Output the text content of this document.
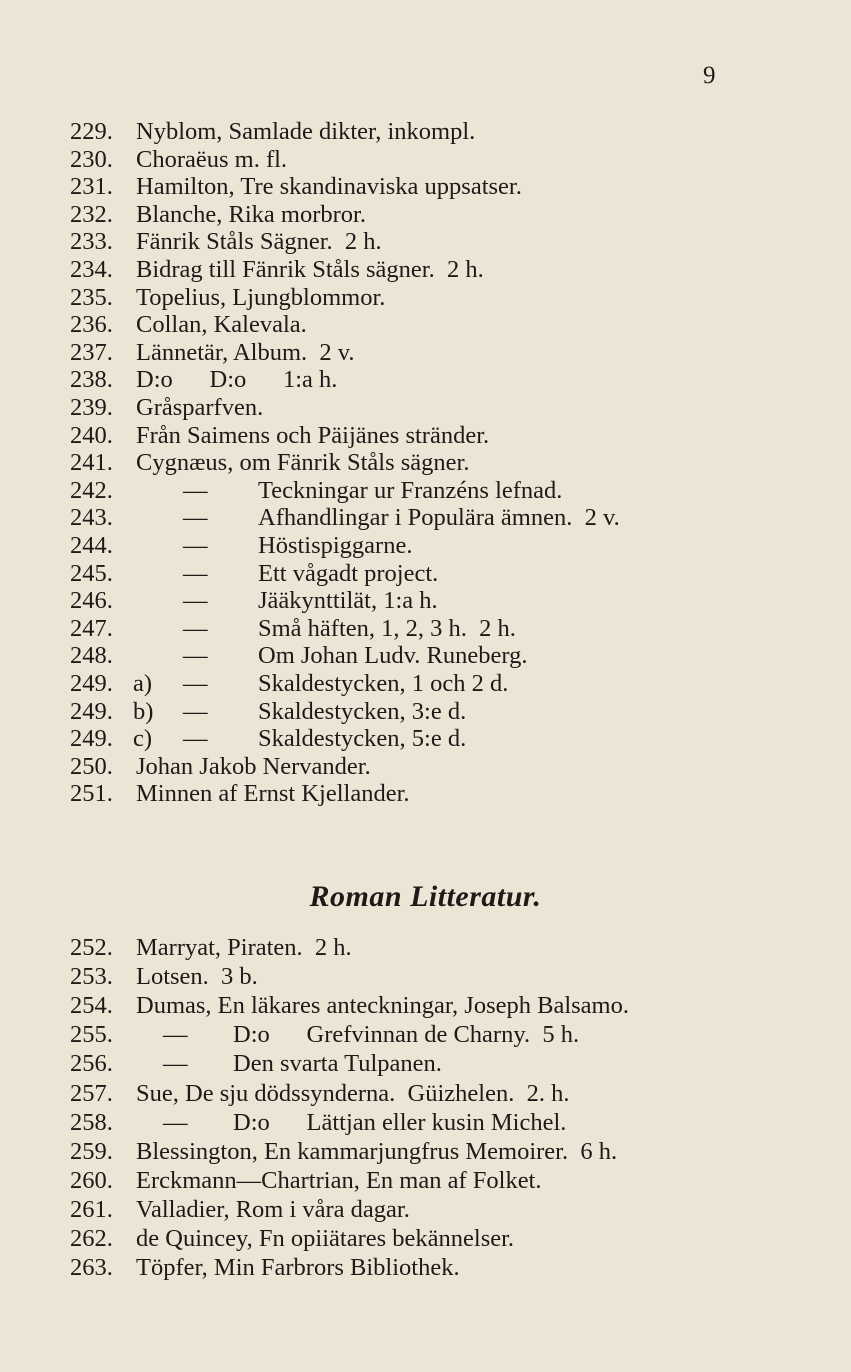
9
229. Nyblom, Samlade dikter, inkompl.
230. Choraëus m. fl.
231. Hamilton, Tre skandinaviska uppsatser.
232. Blanche, Rika morbror.
233. Fänrik Ståls Sägner.  2 h.
234. Bidrag till Fänrik Ståls sägner.  2 h.
235. Topelius, Ljungblommor.
236. Collan, Kalevala.
237. Lännetär, Album.  2 v.
238. D:o      D:o      1:a h.
239. Gråsparfven.
240. Från Saimens och Päijänes stränder.
241. Cygnæus, om Fänrik Ståls sägner.
242.	— Teckningar ur Franzéns lefnad.
243.	— Afhandlingar i Populära ämnen.  2 v.
244.	— Höstispiggarne.
245.	— Ett vågadt project.
246.	— Jääkynttilät, 1:a h.
247.	— Små häften, 1, 2, 3 h.  2 h.
248.	— Om Johan Ludv. Runeberg.
249. a) — Skaldestycken, 1 och 2 d.
249. b) — Skaldestycken, 3:e d.
249. c) — Skaldestycken, 5:e d.
250. Johan Jakob Nervander.
251. Minnen af Ernst Kjellander.
Roman Litteratur.
252. Marryat, Piraten.  2 h.
253. Lotsen.  3 b.
254. Dumas, En läkares anteckningar, Joseph Balsamo.
255. — D:o      Grefvinnan de Charny.  5 h.
256. — Den svarta Tulpanen.
257. Sue, De sju dödssynderna.  Güizhelen.  2. h.
258. — D:o      Lättjan eller kusin Michel.
259. Blessington, En kammarjungfrus Memoirer.  6 h.
260. Erckmann—Chartrian, En man af Folket.
261. Valladier, Rom i våra dagar.
262. de Quincey, Fn opiiätares bekännelser.
263. Töpfer, Min Farbrors Bibliothek.
